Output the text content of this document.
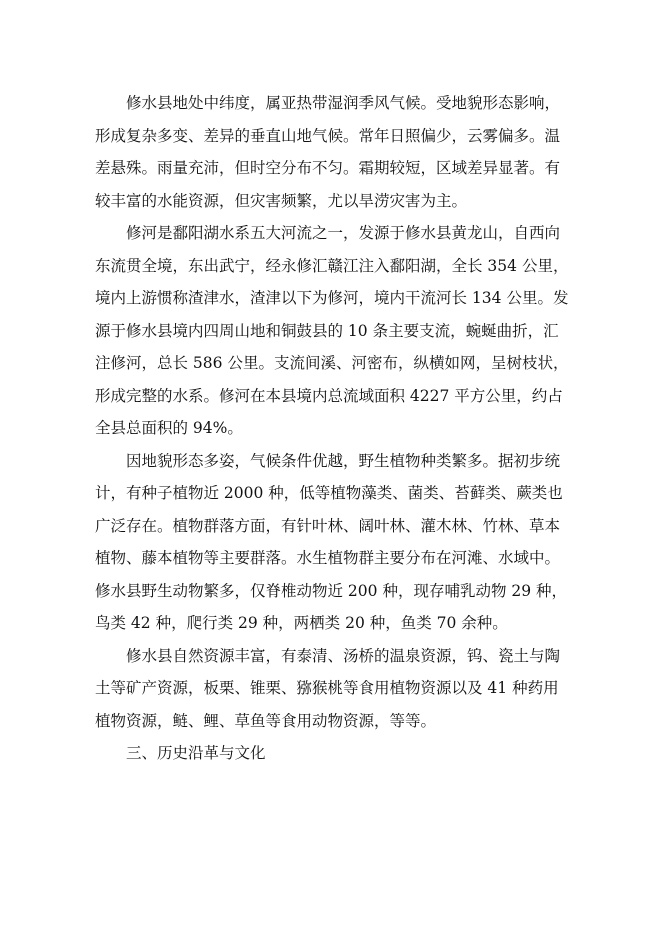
修水县地处中纬度，属亚热带湿润季风气候。受地貌形态影响，
形成复杂多变、差异的垂直山地气候。常年日照偏少，云雾偏多。温
差悬殊。雨量充沛，但时空分布不匀。霜期较短，区域差异显著。有
较丰富的水能资源，但灾害频繁，尤以旱涝灾害为主。
修河是鄱阳湖水系五大河流之一，发源于修水县黄龙山，自西向
东流贯全境，东出武宁，经永修汇赣江注入鄱阳湖，全长 354 公里，
境内上游惯称渣津水，渣津以下为修河，境内干流河长 134 公里。发
源于修水县境内四周山地和铜鼓县的 10 条主要支流，蜿蜒曲折，汇
注修河，总长 586 公里。支流间溪、河密布，纵横如网，呈树枝状，
形成完整的水系。修河在本县境内总流域面积 4227 平方公里，约占
全县总面积的 94%。
因地貌形态多姿，气候条件优越，野生植物种类繁多。据初步统
计，有种子植物近 2000 种，低等植物藻类、菌类、苔藓类、蕨类也
广泛存在。植物群落方面，有针叶林、阔叶林、灌木林、竹林、草本
植物、藤本植物等主要群落。水生植物群主要分布在河滩、水域中。
修水县野生动物繁多，仅脊椎动物近 200 种，现存哺乳动物 29 种，
鸟类 42 种，爬行类 29 种，两栖类 20 种，鱼类 70 余种。
修水县自然资源丰富，有泰清、汤桥的温泉资源，钨、瓷土与陶
土等矿产资源，板栗、锥栗、猕猴桃等食用植物资源以及 41 种药用
植物资源，鲢、鲤、草鱼等食用动物资源，等等。
三、历史沿革与文化
